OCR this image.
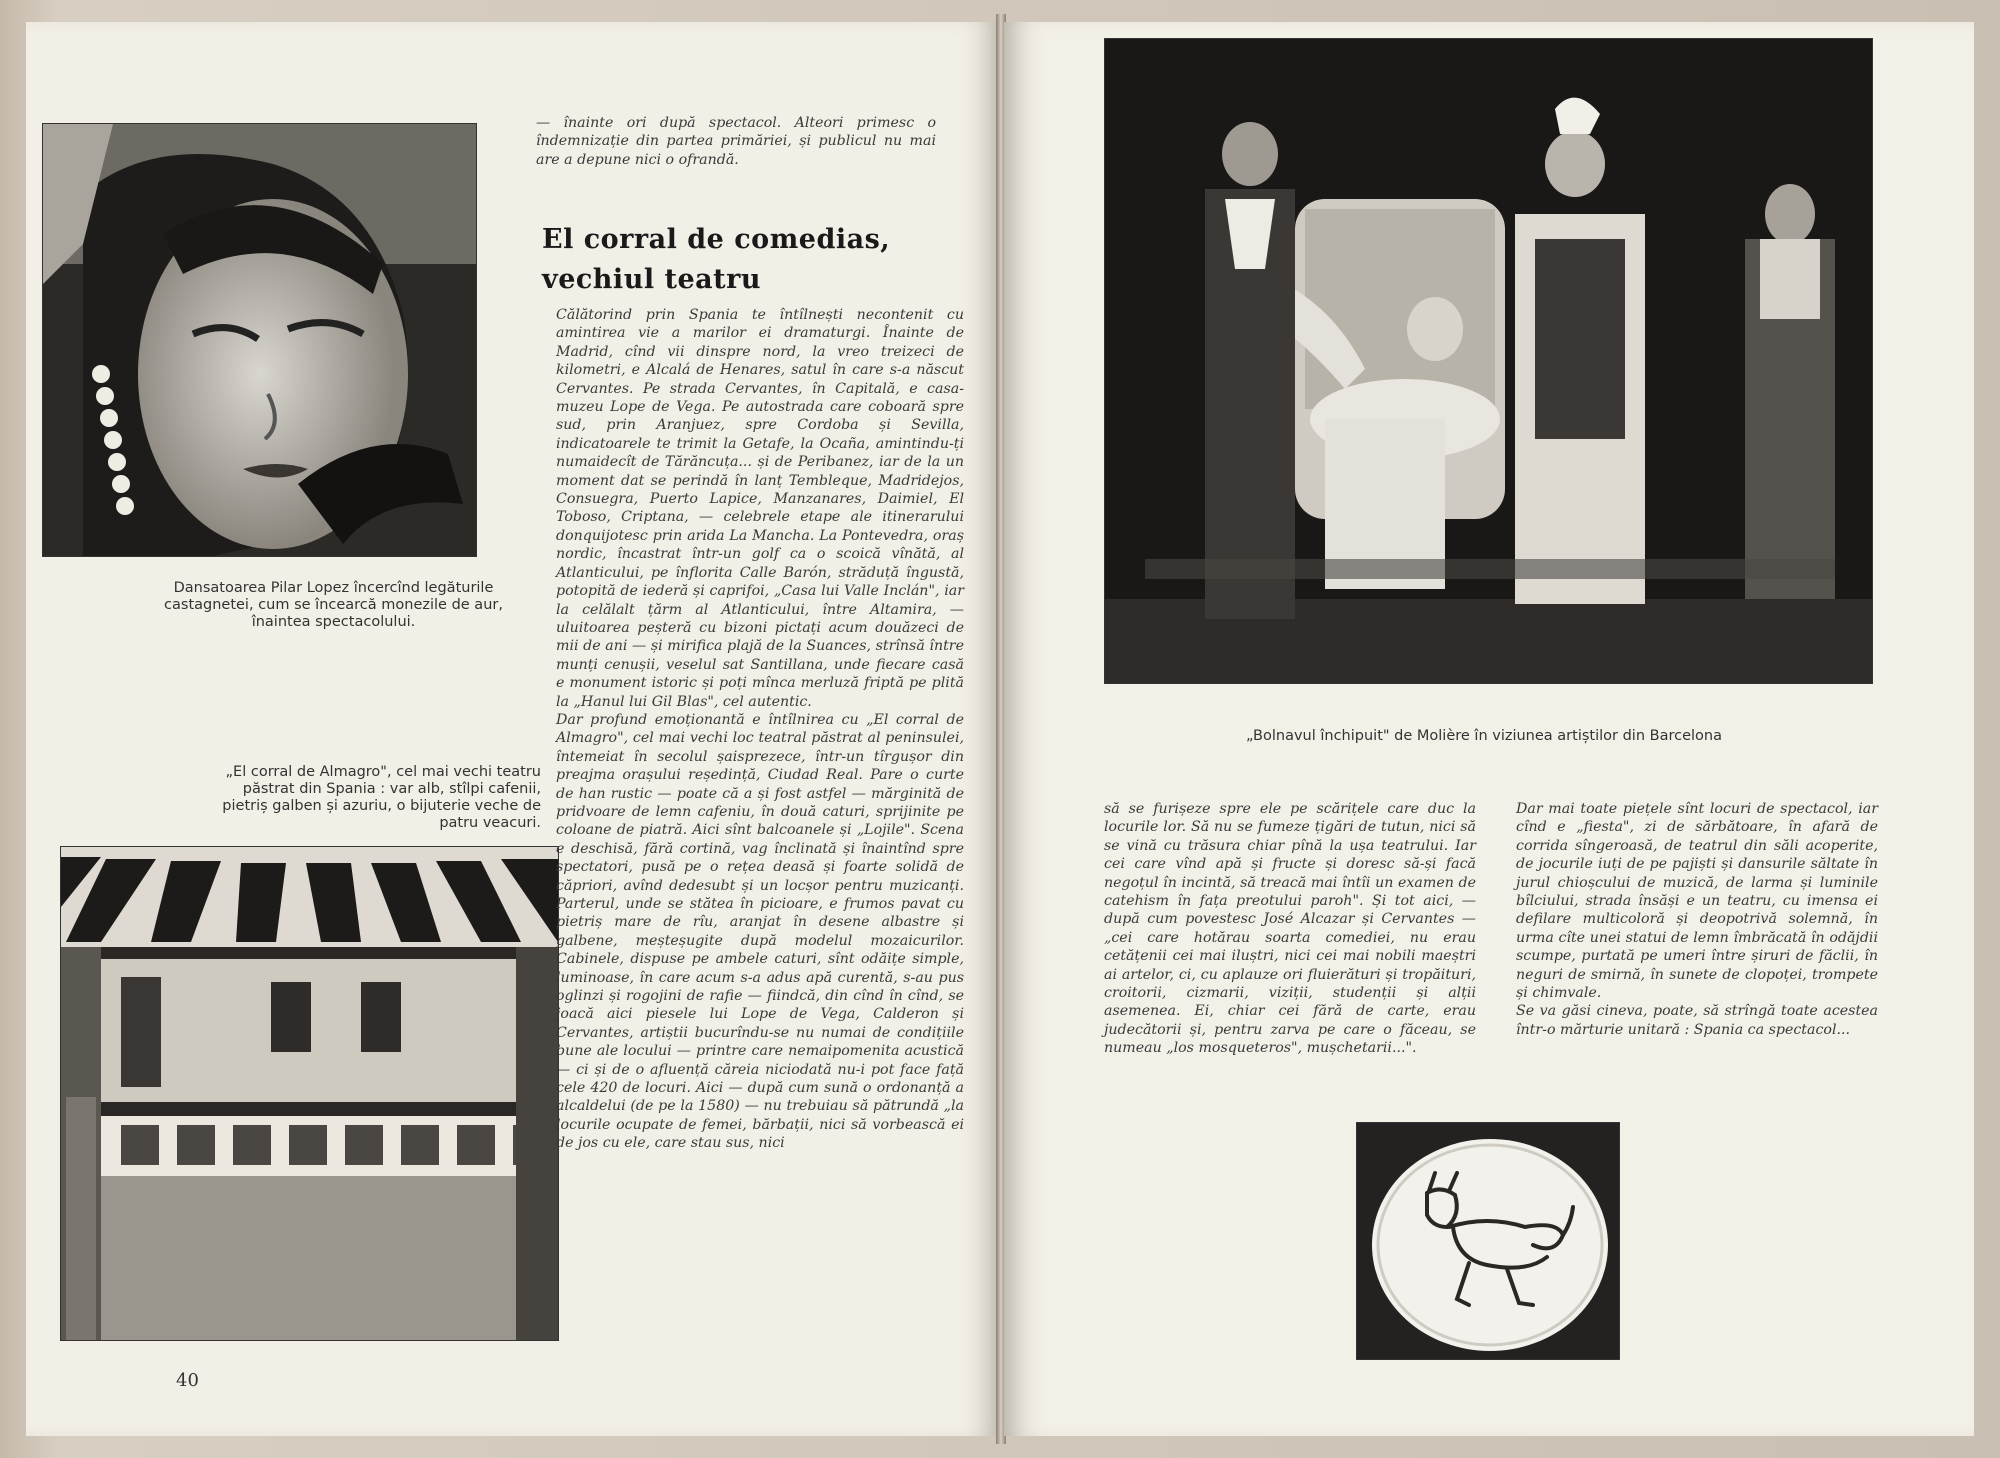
Dansatoarea Pilar Lopez încercînd legăturile castagnetei, cum se încearcă monezile de aur, înaintea spectacolului.
„El corral de Almagro", cel mai vechi teatru păstrat din Spania : var alb, stîlpi cafenii, pietriș galben și azuriu, o bijuterie veche de patru veacuri.
— înainte ori după spectacol. Alteori primesc o îndemnizație din partea primăriei, și publicul nu mai are a depune nici o ofrandă.
El corral de comedias, vechiul teatru
Călătorind prin Spania te întîlnești necontenit cu amintirea vie a marilor ei dramaturgi. Înainte de Madrid, cînd vii dinspre nord, la vreo treizeci de kilometri, e Alcalá de Henares, satul în care s-a născut Cervantes. Pe strada Cervantes, în Capitală, e casa-muzeu Lope de Vega. Pe autostrada care coboară spre sud, prin Aranjuez, spre Cordoba și Sevilla, indicatoarele te trimit la Getafe, la Ocaña, amintindu-ți numaidecît de Tărăncuța... și de Peribanez, iar de la un moment dat se perindă în lanț Tembleque, Madridejos, Consuegra, Puerto Lapice, Manzanares, Daimiel, El Toboso, Criptana, — celebrele etape ale itinerarului donquijotesc prin arida La Mancha. La Pontevedra, oraș nordic, încastrat într-un golf ca o scoică vînătă, al Atlanticului, pe înflorita Calle Barón, străduță îngustă, potopită de iederă și caprifoi, „Casa lui Valle Inclán", iar la celălalt țărm al Atlanticului, între Altamira, — uluitoarea peșteră cu bizoni pictați acum douăzeci de mii de ani — și mirifica plajă de la Suances, strînsă între munți cenușii, veselul sat Santillana, unde fiecare casă e monument istoric și poți mînca merluză friptă pe plită la „Hanul lui Gil Blas", cel autentic.
Dar profund emoționantă e întîlnirea cu „El corral de Almagro", cel mai vechi loc teatral păstrat al peninsulei, întemeiat în secolul șaisprezece, într-un tîrgușor din preajma orașului reședință, Ciudad Real. Pare o curte de han rustic — poate că a și fost astfel — mărginită de pridvoare de lemn cafeniu, în două caturi, sprijinite pe coloane de piatră. Aici sînt balcoanele și „Lojile". Scena e deschisă, fără cortină, vag înclinată și înaintînd spre spectatori, pusă pe o rețea deasă și foarte solidă de căpriori, avînd dedesubt și un locșor pentru muzicanți. Parterul, unde se stătea în picioare, e frumos pavat cu pietriș mare de rîu, aranjat în desene albastre și galbene, meșteșugite după modelul mozaicurilor. Cabinele, dispuse pe ambele caturi, sînt odăițe simple, luminoase, în care acum s-a adus apă curentă, s-au pus oglinzi și rogojini de rafie — fiindcă, din cînd în cînd, se joacă aici piesele lui Lope de Vega, Calderon și Cervantes, artiștii bucurîndu-se nu numai de condițiile bune ale locului — printre care nemaipomenita acustică — ci și de o afluență căreia niciodată nu-i pot face față cele 420 de locuri. Aici — după cum sună o ordonanță a alcaldelui (de pe la 1580) — nu trebuiau să pătrundă „la locurile ocupate de femei, bărbații, nici să vorbească ei de jos cu ele, care stau sus, nici
40
„Bolnavul închipuit" de Molière în viziunea artiștilor din Barcelona
să se furișeze spre ele pe scărițele care duc la locurile lor. Să nu se fumeze țigări de tutun, nici să se vină cu trăsura chiar pînă la ușa teatrului. Iar cei care vînd apă și fructe și doresc să-și facă negoțul în incintă, să treacă mai întîi un examen de catehism în fața preotului paroh". Și tot aici, — după cum povestesc José Alcazar și Cervantes — „cei care hotărau soarta comediei, nu erau cetățenii cei mai iluștri, nici cei mai nobili maeștri ai artelor, ci, cu aplauze ori fluierături și tropăituri, croitorii, cizmarii, viziții, studenții și alții asemenea. Ei, chiar cei fără de carte, erau judecătorii și, pentru zarva pe care o făceau, se numeau „los mosqueteros", mușchetarii...".
Dar mai toate piețele sînt locuri de spectacol, iar cînd e „fiesta", zi de sărbătoare, în afară de corrida sîngeroasă, de teatrul din săli acoperite, de jocurile iuți de pe pajiști și dansurile săltate în jurul chioșcului de muzică, de larma și luminile bîlciului, strada însăși e un teatru, cu imensa ei defilare multicoloră și deopotrivă solemnă, în urma cîte unei statui de lemn îmbrăcată în odăjdii scumpe, purtată pe umeri între șiruri de făclii, în neguri de smirnă, în sunete de clopoței, trompete și chimvale.
Se va găsi cineva, poate, să strîngă toate acestea într-o mărturie unitară : Spania ca spectacol...
